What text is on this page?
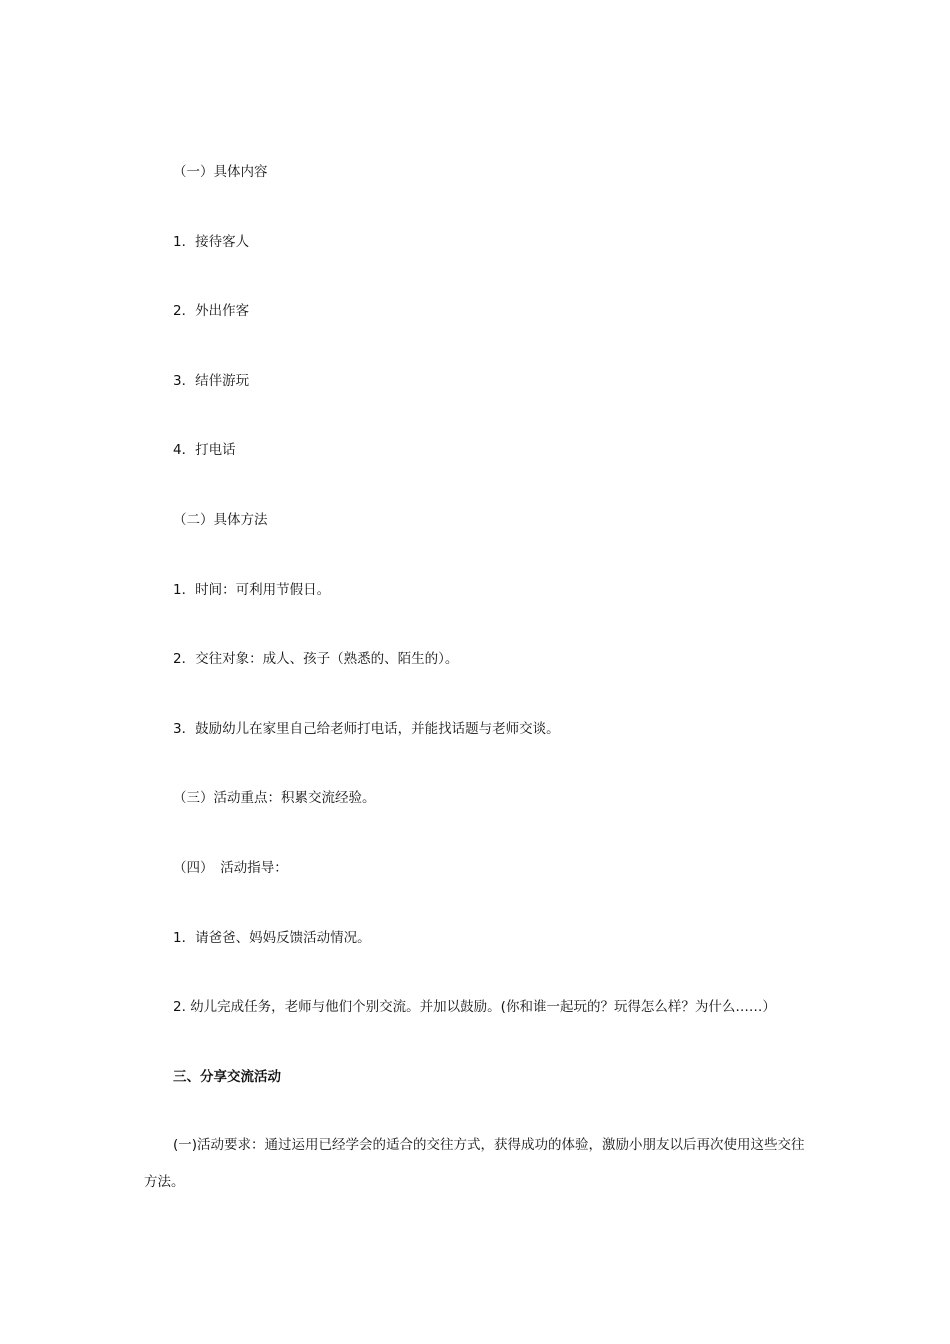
（一）具体内容
1．接待客人
2．外出作客
3．结伴游玩
4．打电话
（二）具体方法
1．时间：可利用节假日。
2．交往对象：成人、孩子（熟悉的、陌生的）。
3．鼓励幼儿在家里自己给老师打电话，并能找话题与老师交谈。
（三）活动重点：积累交流经验。
（四）　活动指导：
1．请爸爸、妈妈反馈活动情况。
2. 幼儿完成任务，老师与他们个别交流。并加以鼓励。(你和谁一起玩的？玩得怎么样？为什么……）
三、分享交流活动
(一)活动要求：通过运用已经学会的适合的交往方式，获得成功的体验，激励小朋友以后再次使用这些交往方法。
